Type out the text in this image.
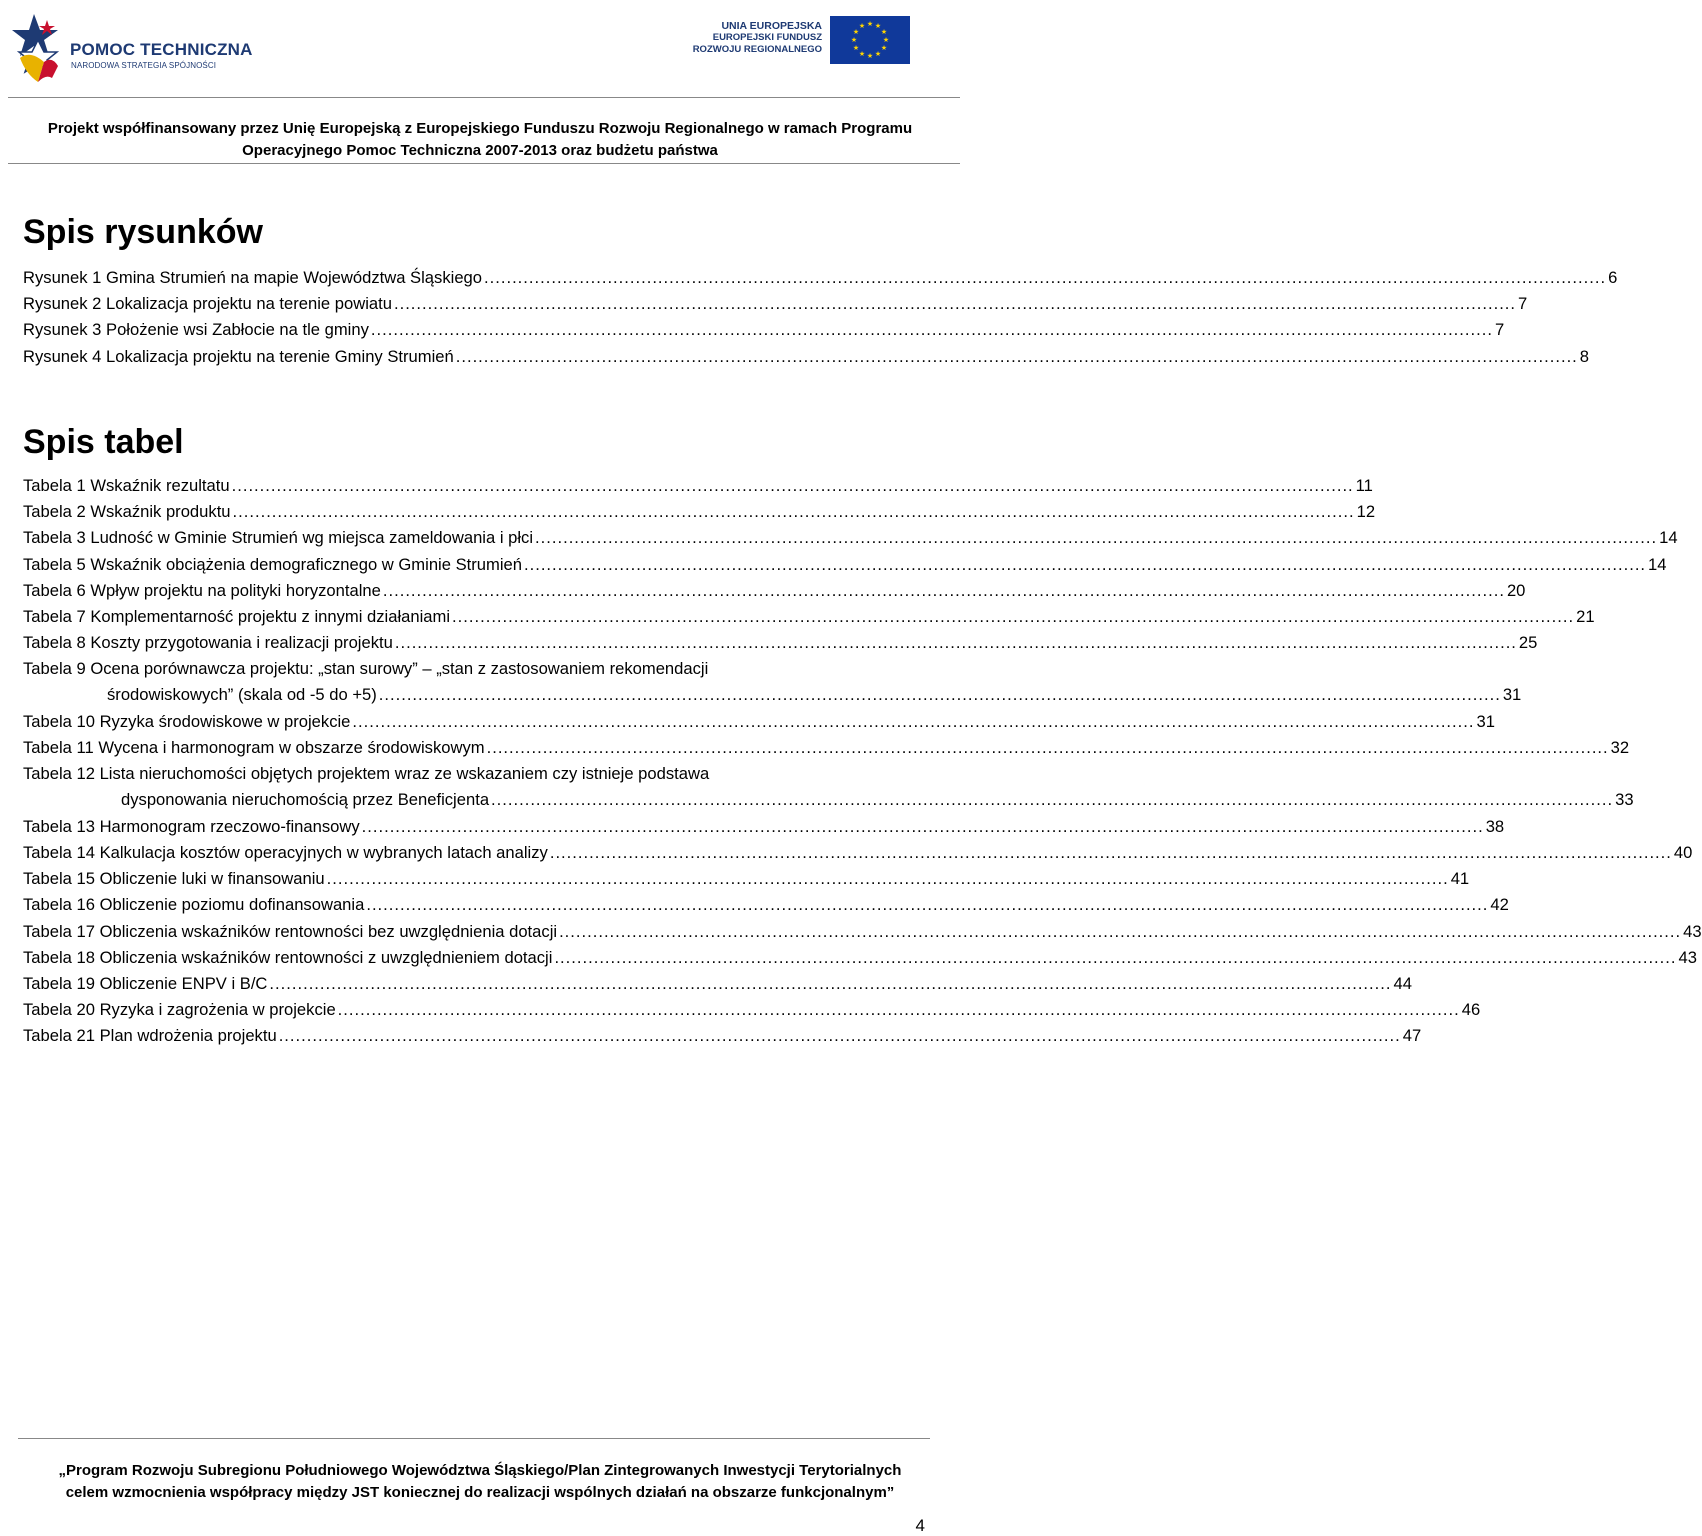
POMOC TECHNICZNA
NARODOWA STRATEGIA SPÓJNOŚCI
UNIA EUROPEJSKA
EUROPEJSKI FUNDUSZ
ROZWOJU REGIONALNEGO
★ ★
★
★
★
★
★
★
★
★
★
★
Projekt współfinansowany przez Unię Europejską z Europejskiego Funduszu Rozwoju Regionalnego w ramach Programu
Operacyjnego Pomoc Techniczna 2007-2013 oraz budżetu państwa
Spis rysunków
Rysunek 1 Gmina Strumień na mapie Województwa Śląskiego ........................................................................................................................................................................................................ 6
Rysunek 2 Lokalizacja projektu na terenie powiatu ........................................................................................................................................................................................................ 7
Rysunek 3 Położenie wsi Zabłocie na tle gminy ........................................................................................................................................................................................................ 7
Rysunek 4 Lokalizacja projektu na terenie Gminy Strumień ........................................................................................................................................................................................................ 8
Spis tabel
Tabela 1 Wskaźnik rezultatu ........................................................................................................................................................................................................ 11
Tabela 2 Wskaźnik produktu ........................................................................................................................................................................................................ 12
Tabela 3 Ludność w Gminie Strumień wg miejsca zameldowania i płci ........................................................................................................................................................................................................ 14
Tabela 5 Wskaźnik obciążenia demograficznego w Gminie Strumień ........................................................................................................................................................................................................ 14
Tabela 6 Wpływ projektu na polityki horyzontalne ........................................................................................................................................................................................................ 20
Tabela 7 Komplementarność projektu z innymi działaniami ........................................................................................................................................................................................................ 21
Tabela 8 Koszty przygotowania i realizacji projektu ........................................................................................................................................................................................................ 25
Tabela 9 Ocena porównawcza projektu: „stan surowy” – „stan z zastosowaniem rekomendacji
środowiskowych” (skala od -5 do +5) ........................................................................................................................................................................................................ 31
Tabela 10 Ryzyka środowiskowe w projekcie ........................................................................................................................................................................................................ 31
Tabela 11 Wycena i harmonogram w obszarze środowiskowym ........................................................................................................................................................................................................ 32
Tabela 12 Lista nieruchomości objętych projektem wraz ze wskazaniem czy istnieje podstawa
dysponowania nieruchomością przez Beneficjenta ........................................................................................................................................................................................................ 33
Tabela 13 Harmonogram rzeczowo-finansowy ........................................................................................................................................................................................................ 38
Tabela 14 Kalkulacja kosztów operacyjnych w wybranych latach analizy ........................................................................................................................................................................................................ 40
Tabela 15 Obliczenie luki w finansowaniu ........................................................................................................................................................................................................ 41
Tabela 16 Obliczenie poziomu dofinansowania ........................................................................................................................................................................................................ 42
Tabela 17 Obliczenia wskaźników rentowności bez uwzględnienia dotacji ........................................................................................................................................................................................................ 43
Tabela 18 Obliczenia wskaźników rentowności z uwzględnieniem dotacji ........................................................................................................................................................................................................ 43
Tabela 19 Obliczenie ENPV i B/C ........................................................................................................................................................................................................ 44
Tabela 20 Ryzyka i zagrożenia w projekcie ........................................................................................................................................................................................................ 46
Tabela 21 Plan wdrożenia projektu ........................................................................................................................................................................................................ 47
„Program Rozwoju Subregionu Południowego Województwa Śląskiego/Plan Zintegrowanych Inwestycji Terytorialnych
celem wzmocnienia współpracy między JST koniecznej do realizacji wspólnych działań na obszarze funkcjonalnym”
4
